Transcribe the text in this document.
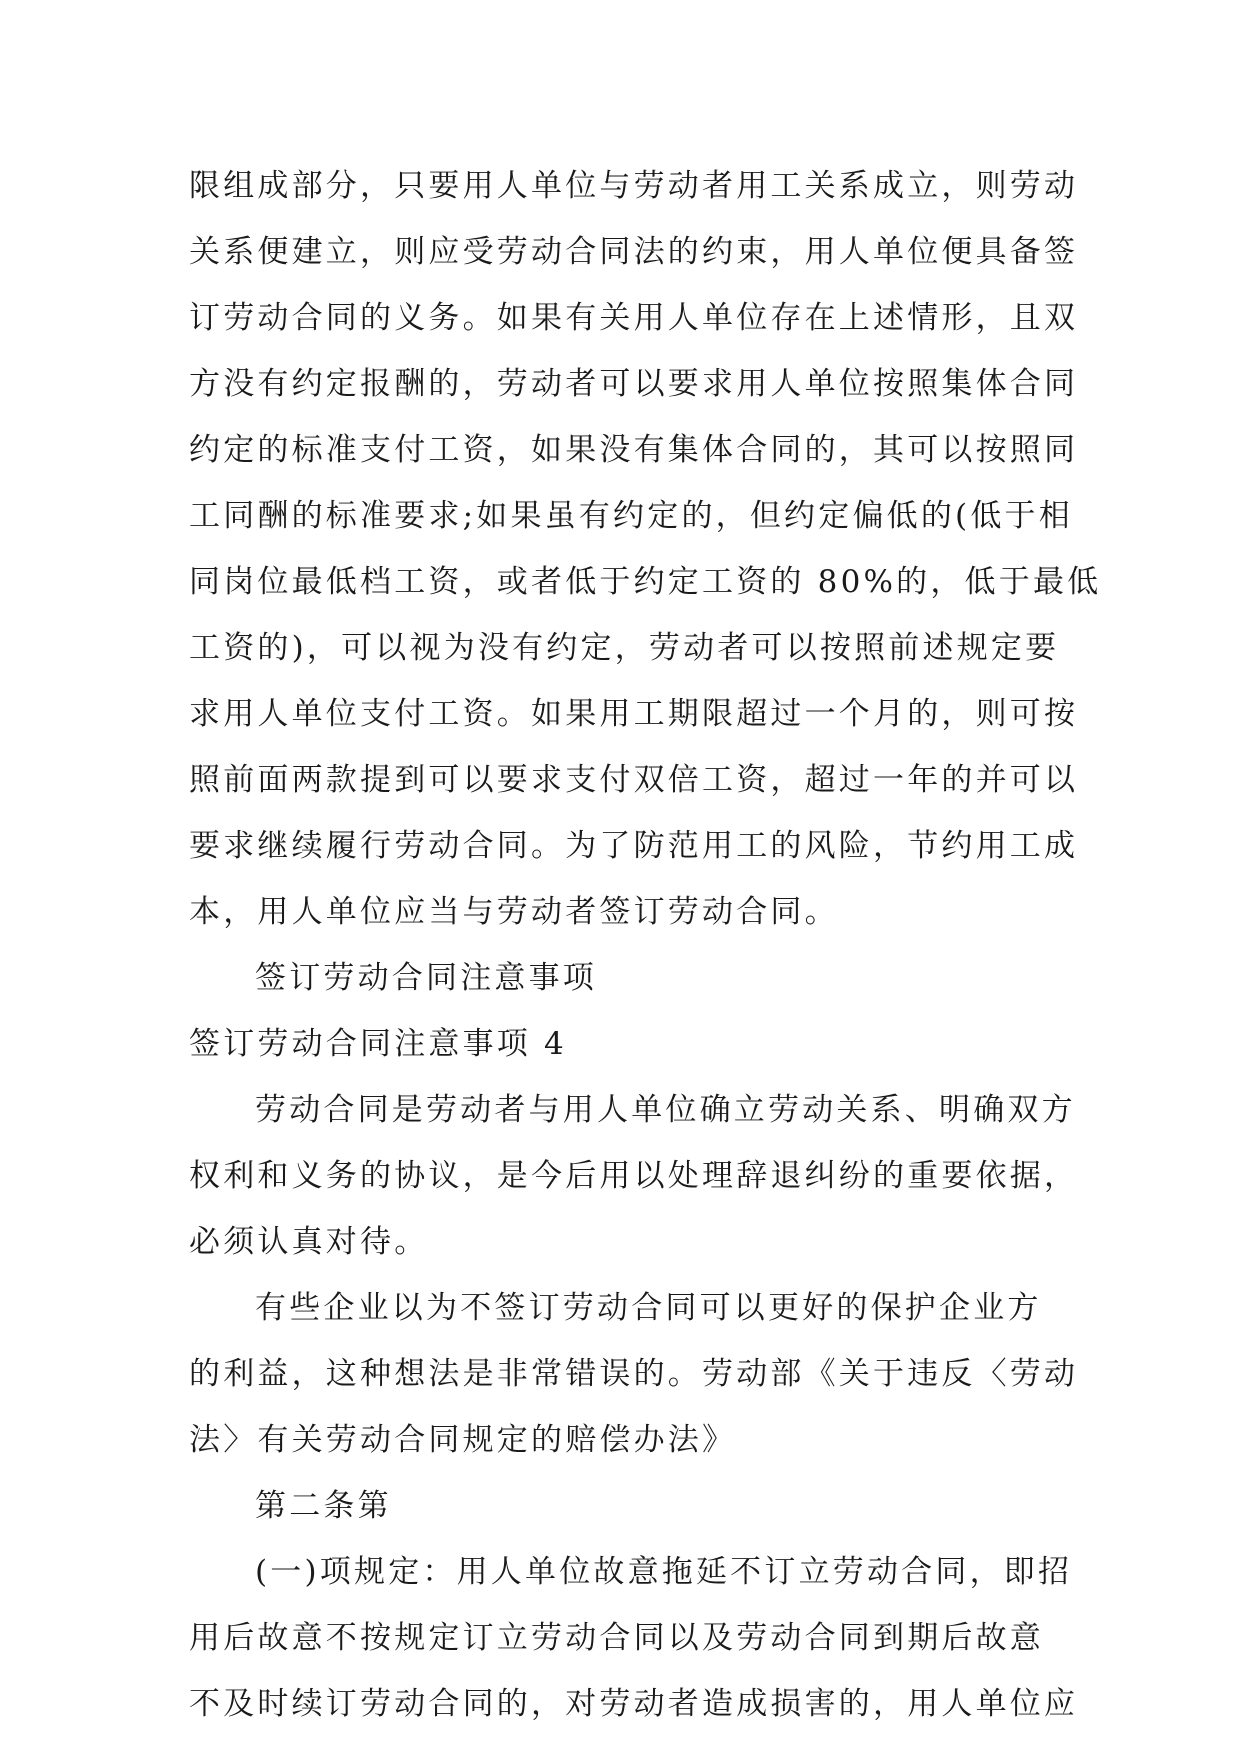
限组成部分，只要用人单位与劳动者用工关系成立，则劳动
关系便建立，则应受劳动合同法的约束，用人单位便具备签
订劳动合同的义务。如果有关用人单位存在上述情形，且双
方没有约定报酬的，劳动者可以要求用人单位按照集体合同
约定的标准支付工资，如果没有集体合同的，其可以按照同
工同酬的标准要求;如果虽有约定的，但约定偏低的(低于相
同岗位最低档工资，或者低于约定工资的 80%的，低于最低
工资的)，可以视为没有约定，劳动者可以按照前述规定要
求用人单位支付工资。如果用工期限超过一个月的，则可按
照前面两款提到可以要求支付双倍工资，超过一年的并可以
要求继续履行劳动合同。为了防范用工的风险，节约用工成
本，用人单位应当与劳动者签订劳动合同。
签订劳动合同注意事项
签订劳动合同注意事项 4
劳动合同是劳动者与用人单位确立劳动关系、明确双方
权利和义务的协议，是今后用以处理辞退纠纷的重要依据，
必须认真对待。
有些企业以为不签订劳动合同可以更好的保护企业方
的利益，这种想法是非常错误的。劳动部《关于违反〈劳动
法〉有关劳动合同规定的赔偿办法》
第二条第
(一)项规定：用人单位故意拖延不订立劳动合同，即招
用后故意不按规定订立劳动合同以及劳动合同到期后故意
不及时续订劳动合同的，对劳动者造成损害的，用人单位应
